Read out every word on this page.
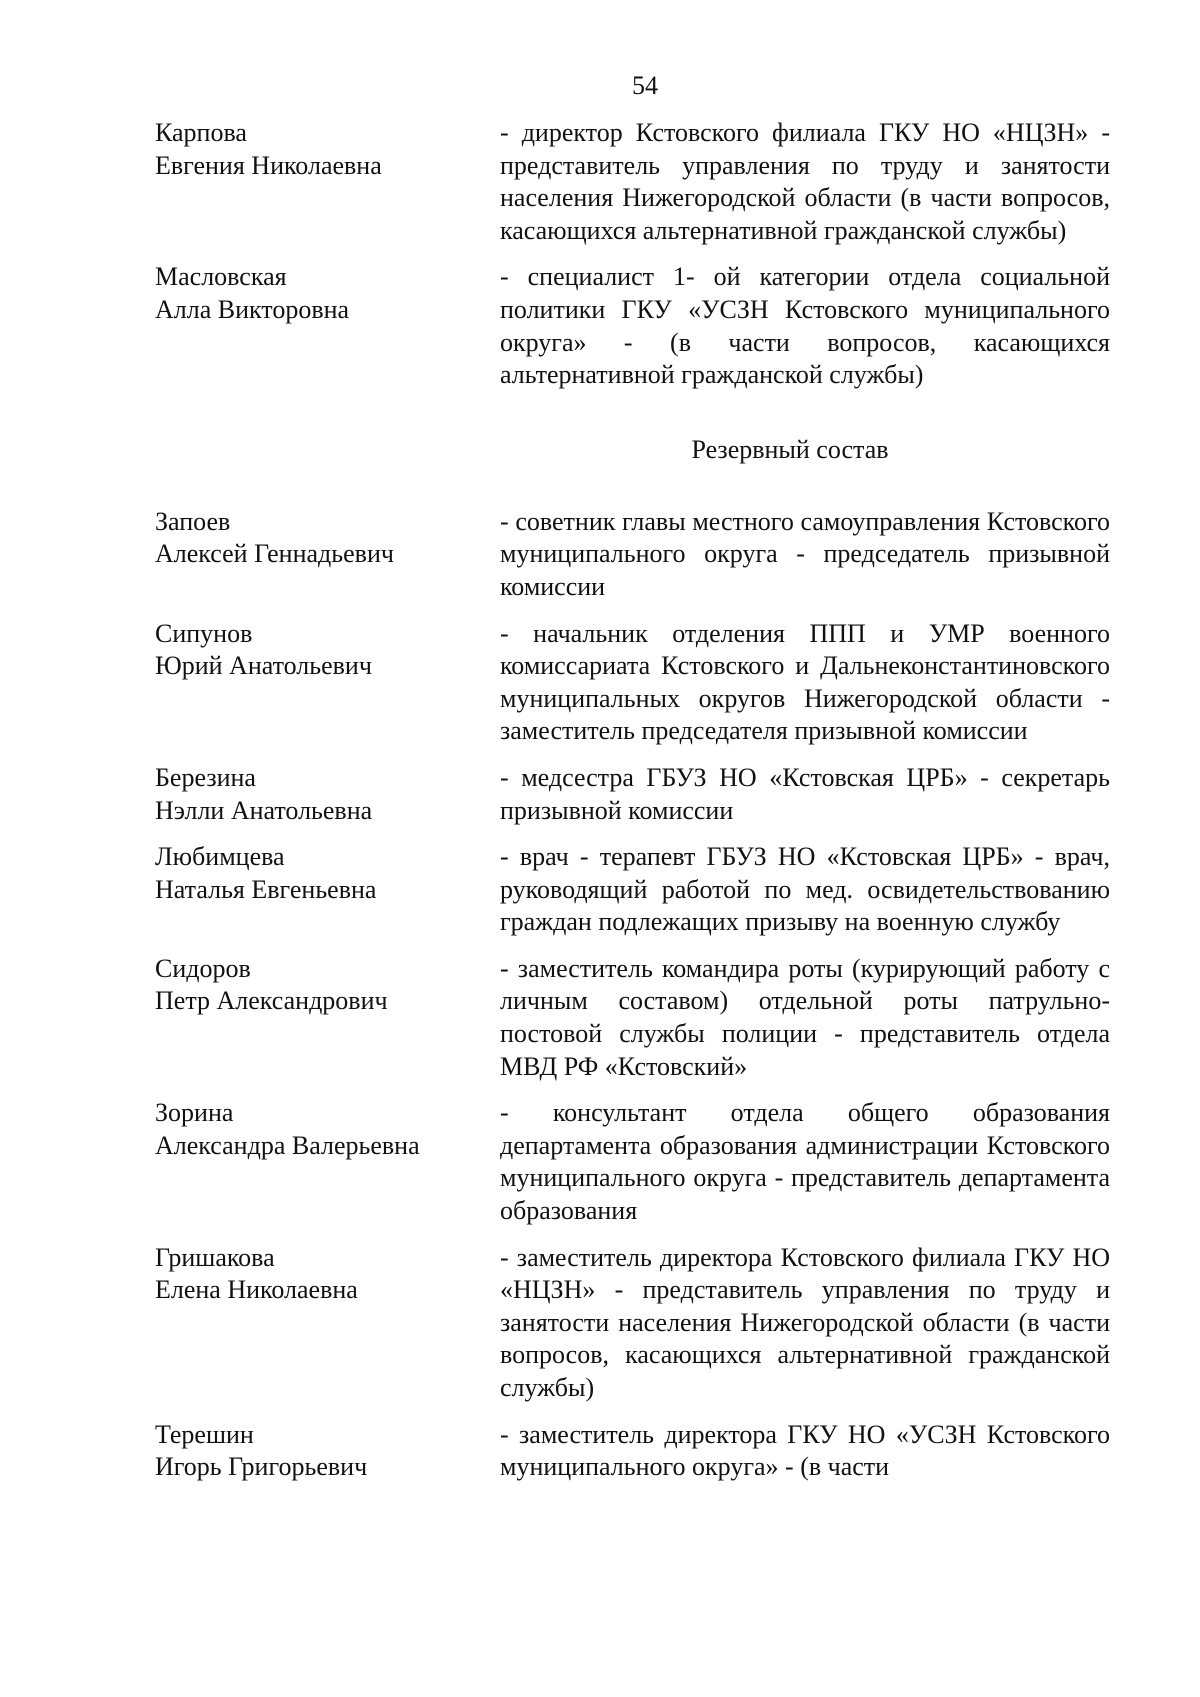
54
Карпова
Евгения Николаевна
- директор Кстовского филиала ГКУ НО «НЦЗН» - представитель управления по труду и занятости населения Нижегородской области (в части вопросов, касающихся альтернативной гражданской службы)
Масловская
Алла Викторовна
- специалист 1- ой категории отдела социальной политики ГКУ «УСЗН Кстовского муниципального округа» - (в части вопросов, касающихся альтернативной гражданской службы)
Резервный состав
Запоев
Алексей Геннадьевич
- советник главы местного самоуправления Кстовского муниципального округа - председатель призывной комиссии
Сипунов
Юрий Анатольевич
- начальник отделения ППП и УМР военного комиссариата Кстовского и Дальнеконстантиновского муниципальных округов Нижегородской области - заместитель председателя призывной комиссии
Березина
Нэлли Анатольевна
- медсестра ГБУЗ НО «Кстовская ЦРБ» - секретарь призывной комиссии
Любимцева
Наталья Евгеньевна
- врач - терапевт ГБУЗ НО «Кстовская ЦРБ» - врач, руководящий работой по мед. освидетельствованию граждан подлежащих призыву на военную службу
Сидоров
Петр Александрович
- заместитель командира роты (курирующий работу с личным составом) отдельной роты патрульно-постовой службы полиции - представитель отдела МВД РФ «Кстовский»
Зорина
Александра Валерьевна
- консультант отдела общего образования департамента образования администрации Кстовского муниципального округа - представитель департамента образования
Гришакова
Елена Николаевна
- заместитель директора Кстовского филиала ГКУ НО «НЦЗН» - представитель управления по труду и занятости населения Нижегородской области (в части вопросов, касающихся альтернативной гражданской службы)
Терешин
Игорь Григорьевич
- заместитель директора ГКУ НО «УСЗН Кстовского муниципального округа» - (в части
